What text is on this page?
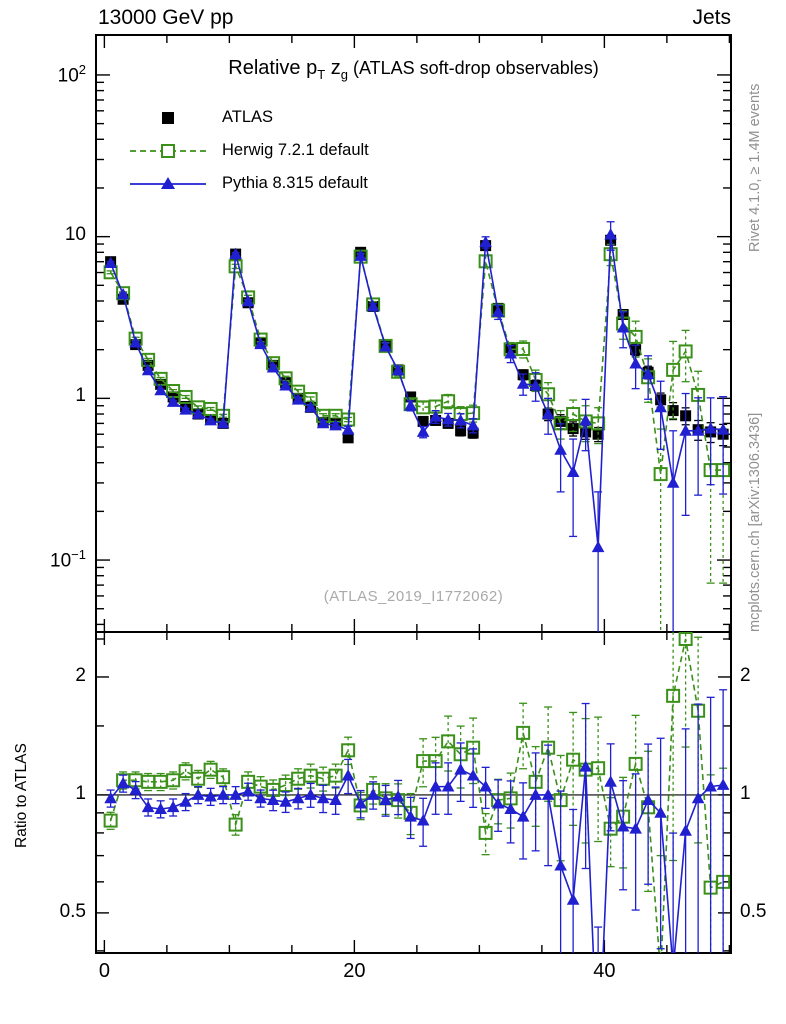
13000 GeV pp	Jets
Relative $p_T$ $z_g$ (ATLAS soft-drop observables)
ATLAS
Herwig 7.2.1 default
Pythia 8.315 default
(ATLAS_2019_I1772062)
Rivet 4.1.0, ≥ 1.4M events
mcplots.cern.ch [arXiv:1306.3436]
Ratio to ATLAS
$10^2$
10
1
$10^{-1}$
0.5	0.5
1	1
2	2
0	20	40
